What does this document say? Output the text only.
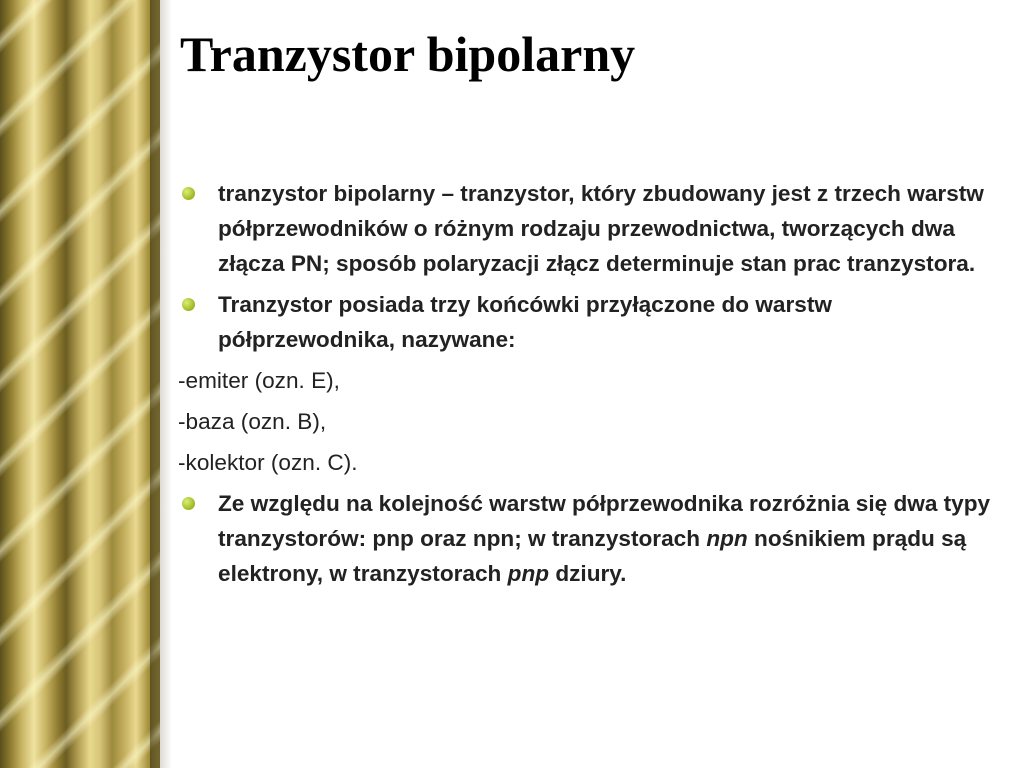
Tranzystor bipolarny
tranzystor bipolarny – tranzystor, który zbudowany jest z trzech warstw półprzewodników o różnym rodzaju przewodnictwa, tworzących dwa złącza PN; sposób polaryzacji złącz determinuje stan prac tranzystora.
Tranzystor posiada trzy końcówki przyłączone do warstw półprzewodnika, nazywane:
-emiter (ozn. E),
-baza (ozn. B),
-kolektor (ozn. C).
Ze względu na kolejność warstw półprzewodnika rozróżnia się dwa typy tranzystorów: pnp oraz npn; w tranzystorach npn nośnikiem prądu są elektrony, w tranzystorach pnp dziury.
